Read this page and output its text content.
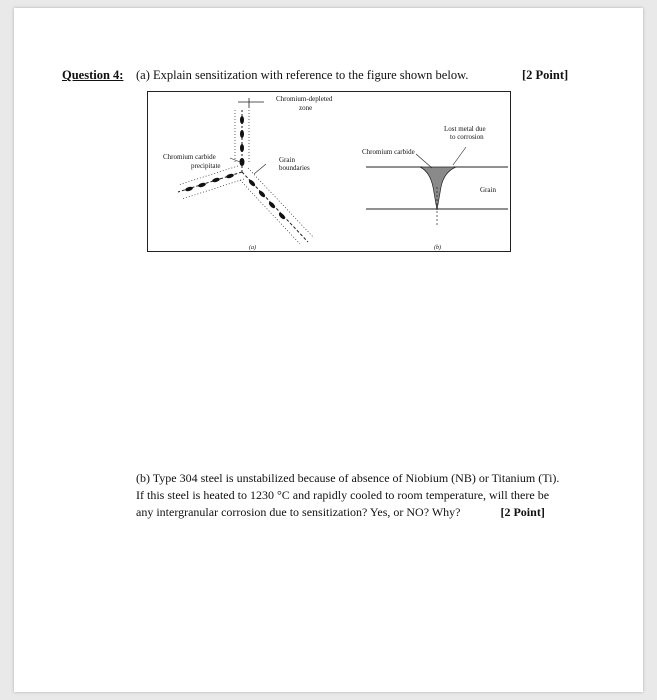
Question 4: (a) Explain sensitization with reference to the figure shown below.	[2 Point]
Chromium-depleted
zone
Chromium carbide
precipitate
Grain
boundaries
Chromium carbide
Lost metal due
to corrosion
Grain
(a)	(b)

(b) Type 304 steel is unstabilized because of absence of Niobium (NB) or Titanium (Ti).

If this steel is heated to 1230 °C and rapidly cooled to room temperature, will there be

any intergranular corrosion due to sensitization? Yes, or NO? Why?	[2 Point]
